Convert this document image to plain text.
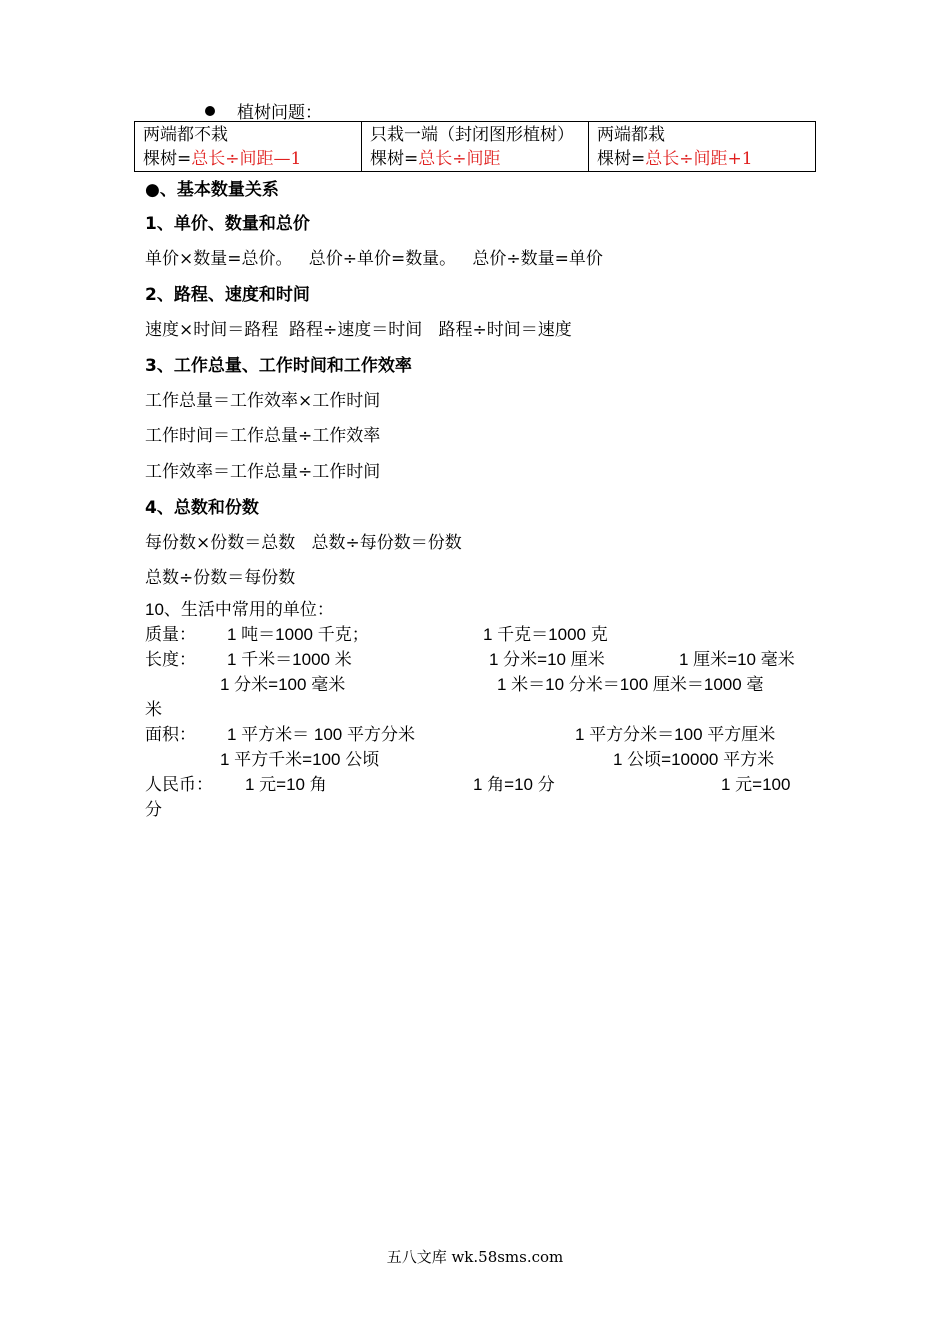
植树问题：
两端都不栽
棵树=总长÷间距—1

只栽一端（封闭图形植树）
棵树=总长÷间距

两端都栽
棵树=总长÷间距+1
●、基本数量关系
1、单价、数量和总价
单价×数量=总价。   总价÷单价=数量。   总价÷数量=单价
2、路程、速度和时间
速度×时间＝路程  路程÷速度＝时间   路程÷时间＝速度
3、工作总量、工作时间和工作效率
工作总量＝工作效率×工作时间
工作时间＝工作总量÷工作效率
工作效率＝工作总量÷工作时间
4、总数和份数
每份数×份数＝总数   总数÷每份数＝份数
总数÷份数＝每份数
10、生活中常用的单位：
质量： 1 吨＝1000 千克；	1 千克＝1000 克
长度： 1 千米＝1000 米	1 分米=10 厘米	1 厘米=10 毫米
1 分米=100 毫米	1 米＝10 分米＝100 厘米＝1000 毫
米
面积： 1 平方米＝ 100 平方分米	1 平方分米＝100 平方厘米
1 平方千米=100 公顷	1 公顷=10000 平方米
人民币： 1 元=10 角	1 角=10 分	1 元=100
分
五八文库 wk.58sms.com
